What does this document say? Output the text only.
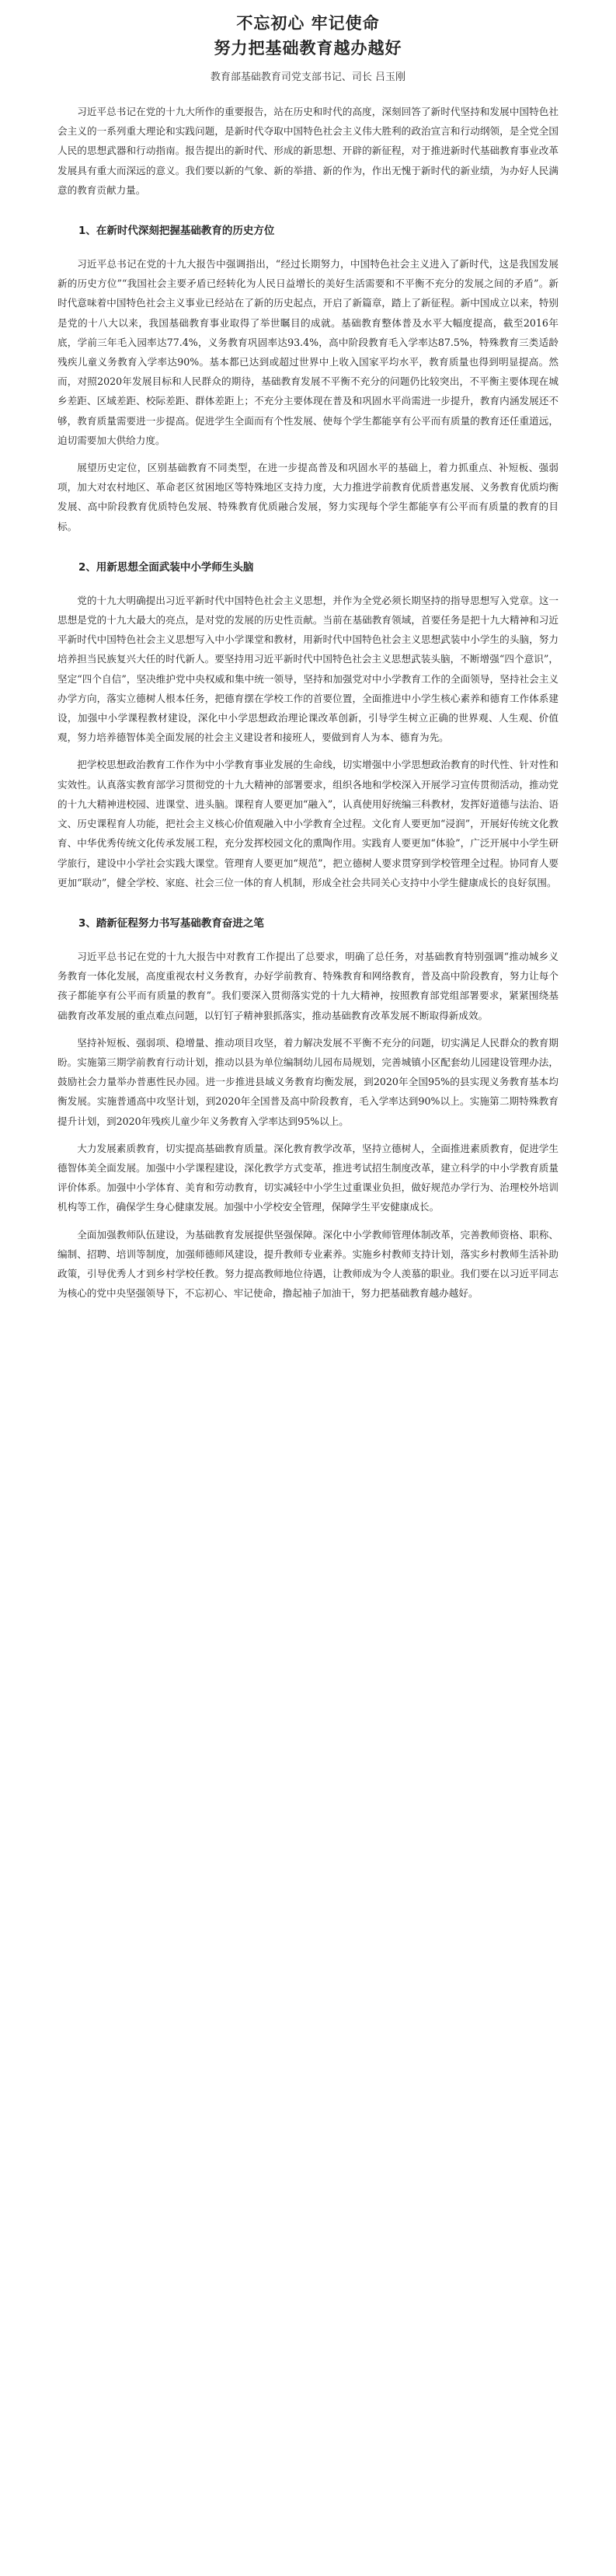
不忘初心 牢记使命
努力把基础教育越办越好
教育部基础教育司党支部书记、司长 吕玉刚

习近平总书记在党的十九大所作的重要报告，站在历史和时代的高度，深刻回答了新时代坚持和发展中国特色社会主义的一系列重大理论和实践问题，是新时代夺取中国特色社会主义伟大胜利的政治宣言和行动纲领，是全党全国人民的思想武器和行动指南。报告提出的新时代、形成的新思想、开辟的新征程，对于推进新时代基础教育事业改革发展具有重大而深远的意义。我们要以新的气象、新的举措、新的作为，作出无愧于新时代的新业绩，为办好人民满意的教育贡献力量。

1、在新时代深刻把握基础教育的历史方位

习近平总书记在党的十九大报告中强调指出，“经过长期努力，中国特色社会主义进入了新时代，这是我国发展新的历史方位”“我国社会主要矛盾已经转化为人民日益增长的美好生活需要和不平衡不充分的发展之间的矛盾”。新时代意味着中国特色社会主义事业已经站在了新的历史起点，开启了新篇章，踏上了新征程。新中国成立以来，特别是党的十八大以来，我国基础教育事业取得了举世瞩目的成就。基础教育整体普及水平大幅度提高，截至2016年底，学前三年毛入园率达77.4%，义务教育巩固率达93.4%，高中阶段教育毛入学率达87.5%，特殊教育三类适龄残疾儿童义务教育入学率达90%。基本都已达到或超过世界中上收入国家平均水平，教育质量也得到明显提高。然而，对照2020年发展目标和人民群众的期待，基础教育发展不平衡不充分的问题仍比较突出，不平衡主要体现在城乡差距、区域差距、校际差距、群体差距上；不充分主要体现在普及和巩固水平尚需进一步提升，教育内涵发展还不够，教育质量需要进一步提高。促进学生全面而有个性发展、使每个学生都能享有公平而有质量的教育还任重道远，迫切需要加大供给力度。

展望历史定位，区别基础教育不同类型，在进一步提高普及和巩固水平的基础上，着力抓重点、补短板、强弱项，加大对农村地区、革命老区贫困地区等特殊地区支持力度，大力推进学前教育优质普惠发展、义务教育优质均衡发展、高中阶段教育优质特色发展、特殊教育优质融合发展，努力实现每个学生都能享有公平而有质量的教育的目标。

2、用新思想全面武装中小学师生头脑

党的十九大明确提出习近平新时代中国特色社会主义思想，并作为全党必须长期坚持的指导思想写入党章。这一思想是党的十九大最大的亮点，是对党的发展的历史性贡献。当前在基础教育领域，首要任务是把十九大精神和习近平新时代中国特色社会主义思想写入中小学课堂和教材，用新时代中国特色社会主义思想武装中小学生的头脑，努力培养担当民族复兴大任的时代新人。要坚持用习近平新时代中国特色社会主义思想武装头脑，不断增强“四个意识”，坚定“四个自信”，坚决维护党中央权威和集中统一领导，坚持和加强党对中小学教育工作的全面领导，坚持社会主义办学方向，落实立德树人根本任务，把德育摆在学校工作的首要位置，全面推进中小学生核心素养和德育工作体系建设，加强中小学课程教材建设，深化中小学思想政治理论课改革创新，引导学生树立正确的世界观、人生观、价值观，努力培养德智体美全面发展的社会主义建设者和接班人，要做到育人为本、德育为先。

把学校思想政治教育工作作为中小学教育事业发展的生命线，切实增强中小学思想政治教育的时代性、针对性和实效性。认真落实教育部学习贯彻党的十九大精神的部署要求，组织各地和学校深入开展学习宣传贯彻活动，推动党的十九大精神进校园、进课堂、进头脑。课程育人要更加“融入”，认真使用好统编三科教材，发挥好道德与法治、语文、历史课程育人功能，把社会主义核心价值观融入中小学教育全过程。文化育人要更加“浸润”，开展好传统文化教育、中华优秀传统文化传承发展工程，充分发挥校园文化的熏陶作用。实践育人要更加“体验”，广泛开展中小学生研学旅行，建设中小学社会实践大课堂。管理育人要更加“规范”，把立德树人要求贯穿到学校管理全过程。协同育人要更加“联动”，健全学校、家庭、社会三位一体的育人机制，形成全社会共同关心支持中小学生健康成长的良好氛围。

3、踏新征程努力书写基础教育奋进之笔

习近平总书记在党的十九大报告中对教育工作提出了总要求，明确了总任务，对基础教育特别强调“推动城乡义务教育一体化发展，高度重视农村义务教育，办好学前教育、特殊教育和网络教育，普及高中阶段教育，努力让每个孩子都能享有公平而有质量的教育”。我们要深入贯彻落实党的十九大精神，按照教育部党组部署要求，紧紧围绕基础教育改革发展的重点难点问题，以钉钉子精神狠抓落实，推动基础教育改革发展不断取得新成效。

坚持补短板、强弱项、稳增量、推动项目攻坚，着力解决发展不平衡不充分的问题，切实满足人民群众的教育期盼。实施第三期学前教育行动计划，推动以县为单位编制幼儿园布局规划，完善城镇小区配套幼儿园建设管理办法，鼓励社会力量举办普惠性民办园。进一步推进县域义务教育均衡发展，到2020年全国95%的县实现义务教育基本均衡发展。实施普通高中攻坚计划，到2020年全国普及高中阶段教育，毛入学率达到90%以上。实施第二期特殊教育提升计划，到2020年残疾儿童少年义务教育入学率达到95%以上。

大力发展素质教育，切实提高基础教育质量。深化教育教学改革，坚持立德树人，全面推进素质教育，促进学生德智体美全面发展。加强中小学课程建设，深化教学方式变革，推进考试招生制度改革，建立科学的中小学教育质量评价体系。加强中小学体育、美育和劳动教育，切实减轻中小学生过重课业负担，做好规范办学行为、治理校外培训机构等工作，确保学生身心健康发展。加强中小学校安全管理，保障学生平安健康成长。

全面加强教师队伍建设，为基础教育发展提供坚强保障。深化中小学教师管理体制改革，完善教师资格、职称、编制、招聘、培训等制度，加强师德师风建设，提升教师专业素养。实施乡村教师支持计划，落实乡村教师生活补助政策，引导优秀人才到乡村学校任教。努力提高教师地位待遇，让教师成为令人羡慕的职业。我们要在以习近平同志为核心的党中央坚强领导下，不忘初心、牢记使命，撸起袖子加油干，努力把基础教育越办越好。
